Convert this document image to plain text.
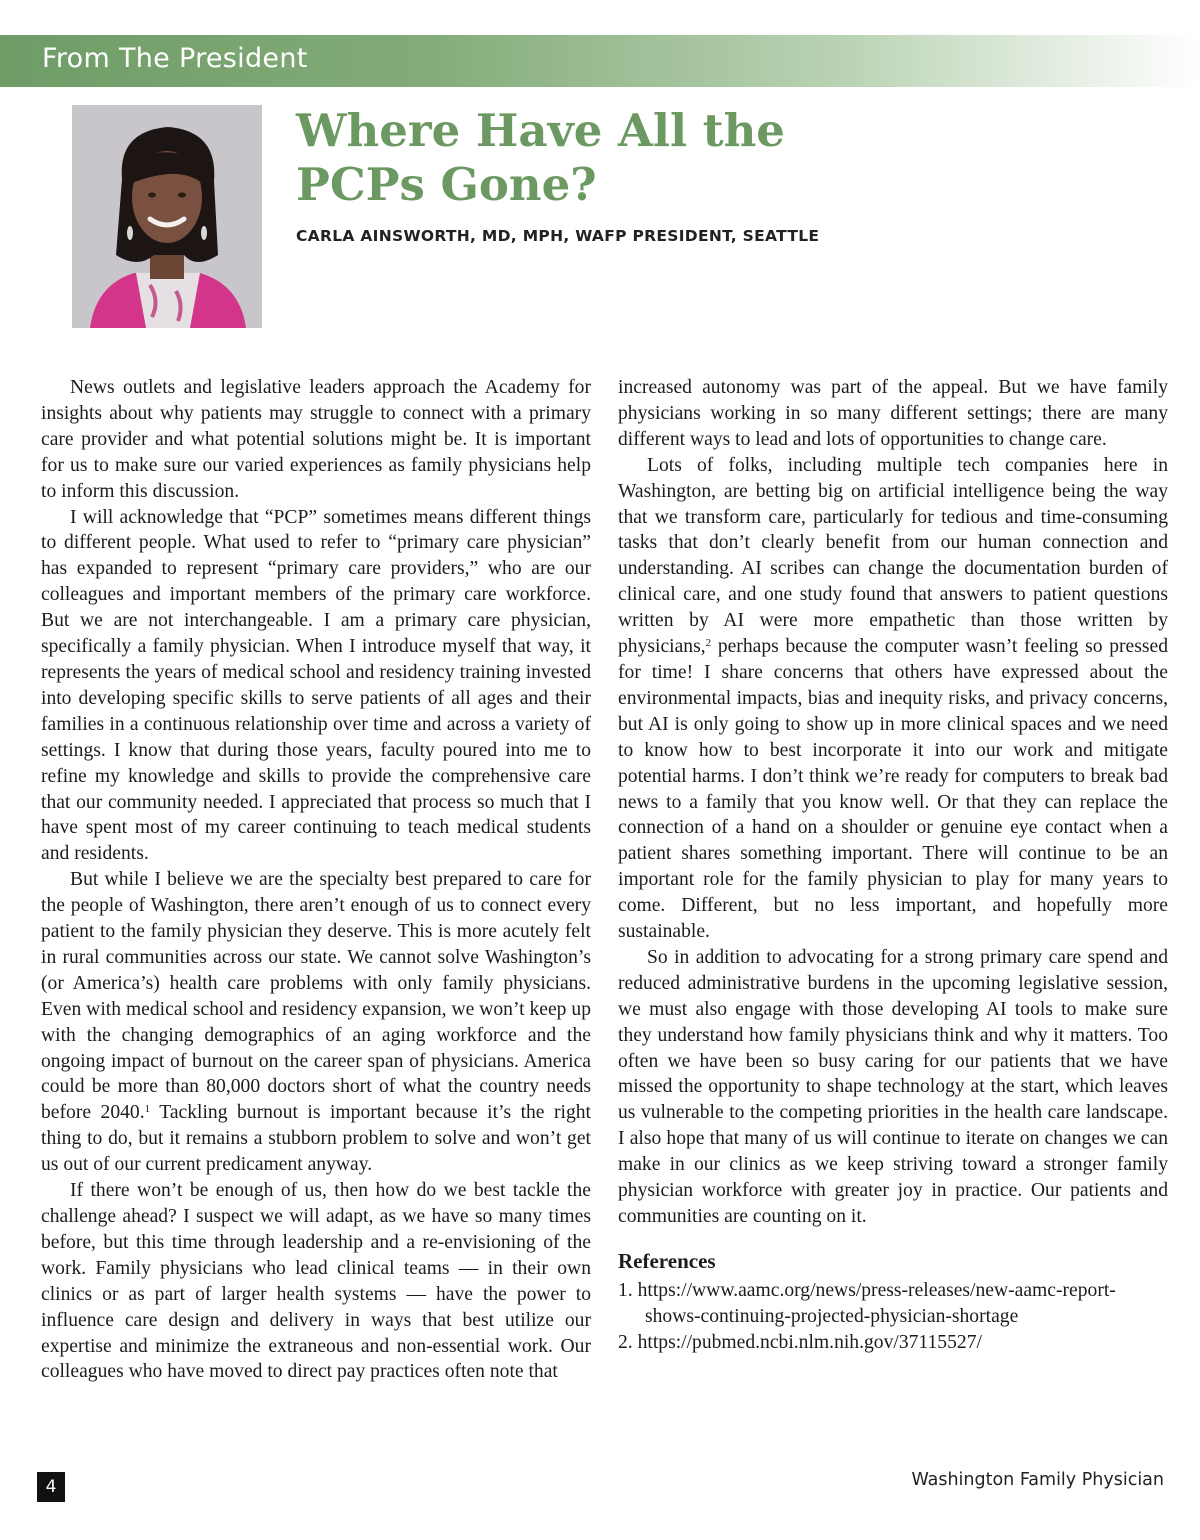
From The President
Where Have All the
PCPs Gone?
CARLA AINSWORTH, MD, MPH, WAFP PRESIDENT, SEATTLE

News outlets and legislative leaders approach the Academy for insights about why patients may struggle to connect with a primary care provider and what potential solutions might be. It is important for us to make sure our varied experiences as family physicians help to inform this discussion.

I will acknowledge that “PCP” sometimes means different things to different people. What used to refer to “primary care physician” has expanded to represent “primary care providers,” who are our colleagues and important members of the primary care workforce. But we are not interchangeable. I am a primary care physician, specifically a family physician. When I introduce myself that way, it represents the years of medical school and residency training invested into developing specific skills to serve patients of all ages and their families in a continuous relationship over time and across a variety of settings. I know that during those years, faculty poured into me to refine my knowledge and skills to provide the comprehensive care that our community needed. I appreciated that process so much that I have spent most of my career continuing to teach medical students and residents.

But while I believe we are the specialty best prepared to care for the people of Washington, there aren’t enough of us to connect every patient to the family physician they deserve. This is more acutely felt in rural communities across our state. We cannot solve Washington’s (or America’s) health care problems with only family physicians. Even with medical school and residency expansion, we won’t keep up with the changing demographics of an aging workforce and the ongoing impact of burnout on the career span of physicians. America could be more than 80,000 doctors short of what the country needs before 2040.$^1$ Tackling burnout is important because it’s the right thing to do, but it remains a stubborn problem to solve and won’t get us out of our current predicament anyway.

If there won’t be enough of us, then how do we best tackle the challenge ahead? I suspect we will adapt, as we have so many times before, but this time through leadership and a re-envisioning of the work. Family physicians who lead clinical teams — in their own clinics or as part of larger health systems — have the power to influence care design and delivery in ways that best utilize our expertise and minimize the extraneous and non-essential work. Our colleagues who have moved to direct pay practices often note that

increased autonomy was part of the appeal. But we have family physicians working in so many different settings; there are many different ways to lead and lots of opportunities to change care.

Lots of folks, including multiple tech companies here in Washington, are betting big on artificial intelligence being the way that we transform care, particularly for tedious and time-consuming tasks that don’t clearly benefit from our human connection and understanding. AI scribes can change the documentation burden of clinical care, and one study found that answers to patient questions written by AI were more empathetic than those written by physicians,$^2$ perhaps because the computer wasn’t feeling so pressed for time! I share concerns that others have expressed about the environmental impacts, bias and inequity risks, and privacy concerns, but AI is only going to show up in more clinical spaces and we need to know how to best incorporate it into our work and mitigate potential harms. I don’t think we’re ready for computers to break bad news to a family that you know well. Or that they can replace the connection of a hand on a shoulder or genuine eye contact when a patient shares something important. There will continue to be an important role for the family physician to play for many years to come. Different, but no less important, and hopefully more sustainable.

So in addition to advocating for a strong primary care spend and reduced administrative burdens in the upcoming legislative session, we must also engage with those developing AI tools to make sure they understand how family physicians think and why it matters. Too often we have been so busy caring for our patients that we have missed the opportunity to shape technology at the start, which leaves us vulnerable to the competing priorities in the health care landscape. I also hope that many of us will continue to iterate on changes we can make in our clinics as we keep striving toward a stronger family physician workforce with greater joy in practice. Our patients and communities are counting on it.

References
1. https://www.aamc.org/news/press-releases/new-aamc-report-shows-continuing-projected-physician-shortage
2. https://pubmed.ncbi.nlm.nih.gov/37115527/
4	Washington Family Physician
